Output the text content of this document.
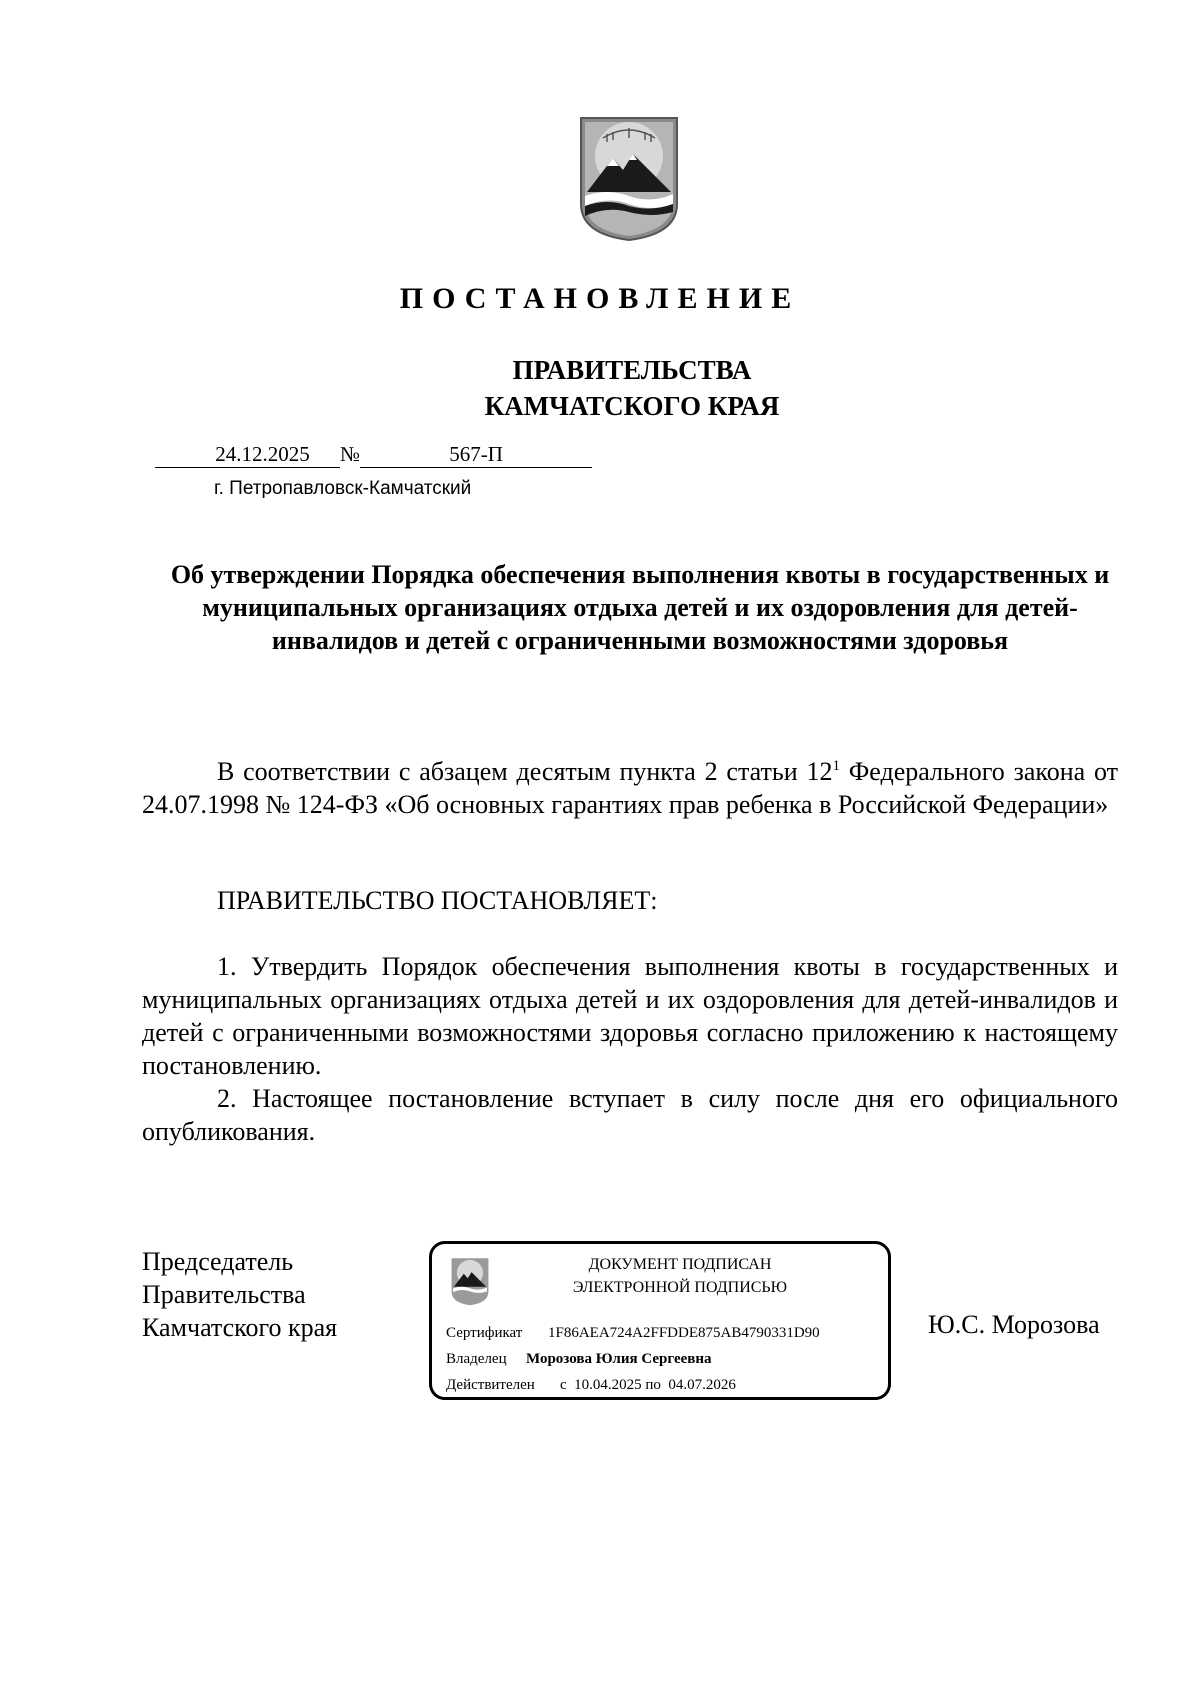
ПОСТАНОВЛЕНИЕ
ПРАВИТЕЛЬСТВА
КАМЧАТСКОГО КРАЯ
24.12.2025 №	567-П
г. Петропавловск-Камчатский
Об утверждении Порядка обеспечения выполнения квоты в государственных и муниципальных организациях отдыха детей и их оздоровления для детей-инвалидов и детей с ограниченными возможностями здоровья

В соответствии с абзацем десятым пункта 2 статьи $12^1$ Федерального закона от 24.07.1998 № 124-ФЗ «Об основных гарантиях прав ребенка в Российской Федерации»

ПРАВИТЕЛЬСТВО ПОСТАНОВЛЯЕТ:

1. Утвердить Порядок обеспечения выполнения квоты в государственных и муниципальных организациях отдыха детей и их оздоровления для детей-инвалидов и детей с ограниченными возможностями здоровья согласно приложению к настоящему постановлению.

2. Настоящее постановление вступает в силу после дня его официального опубликования.

Председатель
Правительства
Камчатского края
ДОКУМЕНТ ПОДПИСАН
ЭЛЕКТРОННОЙ ПОДПИСЬЮ
Сертификат 1F86AEA724A2FFDDE875AB4790331D90
Владелец Морозова Юлия Сергеевна
Действителен с  10.04.2025 по  04.07.2026
Ю.С. Морозова
